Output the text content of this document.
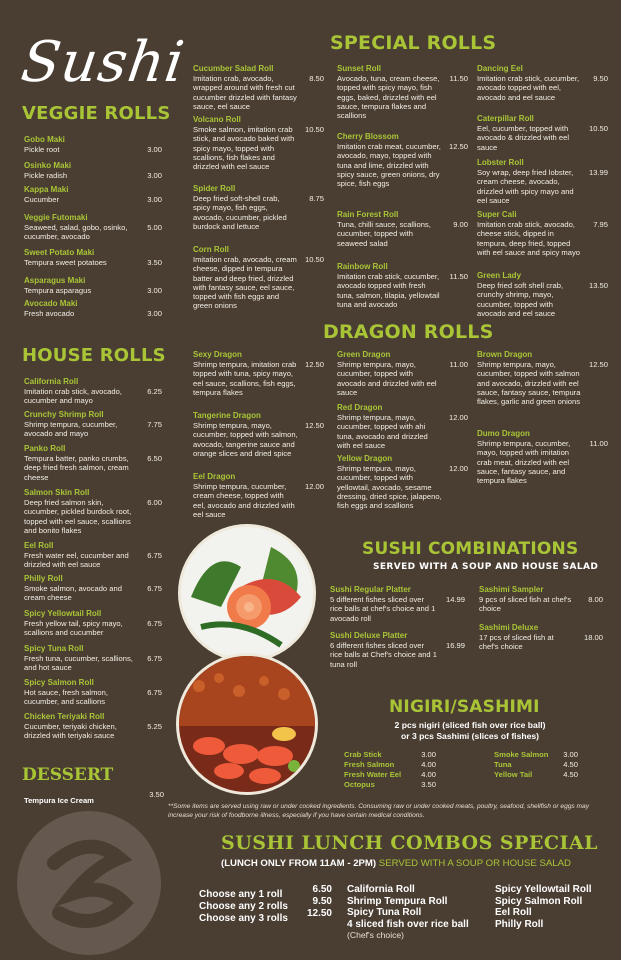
Sushi
VEGGIE ROLLS
Gobo Maki
Pickle root	3.00
Osinko Maki
Pickle radish	3.00
Kappa Maki
Cucumber	3.00
Veggie Futomaki
Seaweed, salad, gobo, osinko, cucumber, avocado
5.00
Sweet Potato Maki
Tempura sweet potatoes	3.50
Asparagus Maki
Tempura asparagus	3.00
Avocado Maki
Fresh avocado	3.00
HOUSE ROLLS
California Roll
Imitation crab stick, avocado, cucumber and mayo
6.25
Crunchy Shrimp Roll
Shrimp tempura, cucumber, avocado and mayo
7.75
Panko Roll
Tempura batter, panko crumbs, deep fried fresh salmon, cream cheese
6.50
Salmon Skin Roll
Deep fried salmon skin, cucumber, pickled burdock root, topped with eel sauce, scallions and bonito flakes
6.00
Eel Roll
Fresh water eel, cucumber and drizzled with eel sauce
6.75
Philly Roll
Smoke salmon, avocado and cream cheese
6.75
Spicy Yellowtail Roll
Fresh yellow tail, spicy mayo, scallions and cucumber
6.75
Spicy Tuna Roll
Fresh tuna, cucumber, scallions, and hot sauce
6.75
Spicy Salmon Roll
Hot sauce, fresh salmon, cucumber, and scallions
6.75
Chicken Teriyaki Roll
Cucumber, teriyaki chicken, drizzled with teriyaki sauce
5.25
DESSERT
Tempura Ice Cream
3.50
SPECIAL ROLLS
Cucumber Salad Roll
Imitation crab, avocado, wrapped around with fresh cut cucumber drizzled with fantasy sauce, eel sauce
8.50
Volcano Roll
Smoke salmon, imitation crab stick, and avocado baked with spicy mayo, topped with scallions, fish flakes and drizzled with eel sauce
10.50
Spider Roll
Deep fried soft-shell crab, spicy mayo, fish eggs, avocado, cucumber, pickled burdock and lettuce
8.75
Corn Roll
Imitation crab, avocado, cream cheese, dipped in tempura batter and deep fried, drizzled with fantasy sauce, eel sauce, topped with fish eggs and green onions
10.50
Sunset Roll
Avocado, tuna, cream cheese, topped with spicy mayo, fish eggs, baked, drizzled with eel sauce, tempura flakes and scallions
11.50
Cherry Blossom
Imitation crab meat, cucumber, avocado, mayo, topped with tuna and lime, drizzled with spicy sauce, green onions, dry spice, fish eggs
12.50
Rain Forest Roll
Tuna, chilli sauce, scallions, cucumber, topped with seaweed salad
9.00
Rainbow Roll
Imitation crab stick, cucumber, avocado topped with fresh tuna, salmon, tilapia, yellowtail tuna and avocado
11.50
Dancing Eel
Imitation crab stick, cucumber, avocado topped with eel, avocado and eel sauce
9.50
Caterpillar Roll
Eel, cucumber, topped with avocado & drizzled with eel sauce
10.50
Lobster Roll
Soy wrap, deep fried lobster, cream cheese, avocado, drizzled with spicy mayo and eel sauce
13.99
Super Cali
Imitation crab stick, avocado, cheese stick, dipped in tempura, deep fried, topped with eel sauce and spicy mayo
7.95
Green Lady
Deep fried soft shell crab, crunchy shrimp, mayo, cucumber, topped with avocado and eel sauce
13.50
DRAGON ROLLS
Sexy Dragon
Shrimp tempura, imitation crab topped with tuna, spicy mayo, eel sauce, scallions, fish eggs, tempura flakes
12.50
Tangerine Dragon
Shrimp tempura, mayo, cucumber, topped with salmon, avocado, tangerine sauce and orange slices and dried spice
12.50
Eel Dragon
Shrimp tempura, cucumber, cream cheese, topped with eel, avocado and drizzled with eel sauce
12.00
Green Dragon
Shrimp tempura, mayo, cucumber, topped with avocado and drizzled with eel sauce
11.00
Red Dragon
Shrimp tempura, mayo, cucumber, topped with ahi tuna, avocado and drizzled with eel sauce
12.00
Yellow Dragon
Shrimp tempura, mayo, cucumber, topped with yellowtail, avocado, sesame dressing, dried spice, jalapeno, fish eggs and scallions
12.00
Brown Dragon
Shrimp tempura, mayo, cucumber, topped with salmon and avocado, drizzled with eel sauce, fantasy sauce, tempura flakes, garlic and green onions
12.50
Dumo Dragon
Shrimp tempura, cucumber, mayo, topped with imitation crab meat, drizzled with eel sauce, fantasy sauce, and tempura flakes
11.00
SUSHI COMBINATIONS
SERVED WITH A SOUP AND HOUSE SALAD
Sushi Regular Platter
5 different fishes sliced over rice balls at chef's choice and 1 avocado roll
14.99
Sushi Deluxe Platter
6 different fishes sliced over rice balls at Chef's choice and 1 tuna roll
16.99
Sashimi Sampler
9 pcs of sliced fish at chef's choice
8.00
Sashimi Deluxe
17 pcs of sliced fish at chef's choice
18.00
NIGIRI/SASHIMI
2 pcs nigiri (sliced fish over rice ball)
or 3 pcs Sashimi (slices of fishes)
Crab Stick	3.00
Fresh Salmon	4.00
Fresh Water Eel	4.00
Octopus	3.50
Smoke Salmon 3.00
Tuna	4.50
Yellow Tail	4.50
**Some items are served using raw or under cooked ingredients. Consuming raw or under cooked meats, poultry, seafood, shellfish or eggs may increase your risk of foodborne illness, especially if you have certain medical conditions.
SUSHI LUNCH COMBOS SPECIAL
(LUNCH ONLY FROM 11AM - 2PM) SERVED WITH A SOUP OR HOUSE SALAD
Choose any 1 roll	6.50
Choose any 2 rolls 9.50
Choose any 3 rolls 12.50
California Roll
Shrimp Tempura Roll
Spicy Tuna Roll
4 sliced fish over rice ball
(Chef's choice)
Spicy Yellowtail Roll
Spicy Salmon Roll
Eel Roll
Philly Roll
